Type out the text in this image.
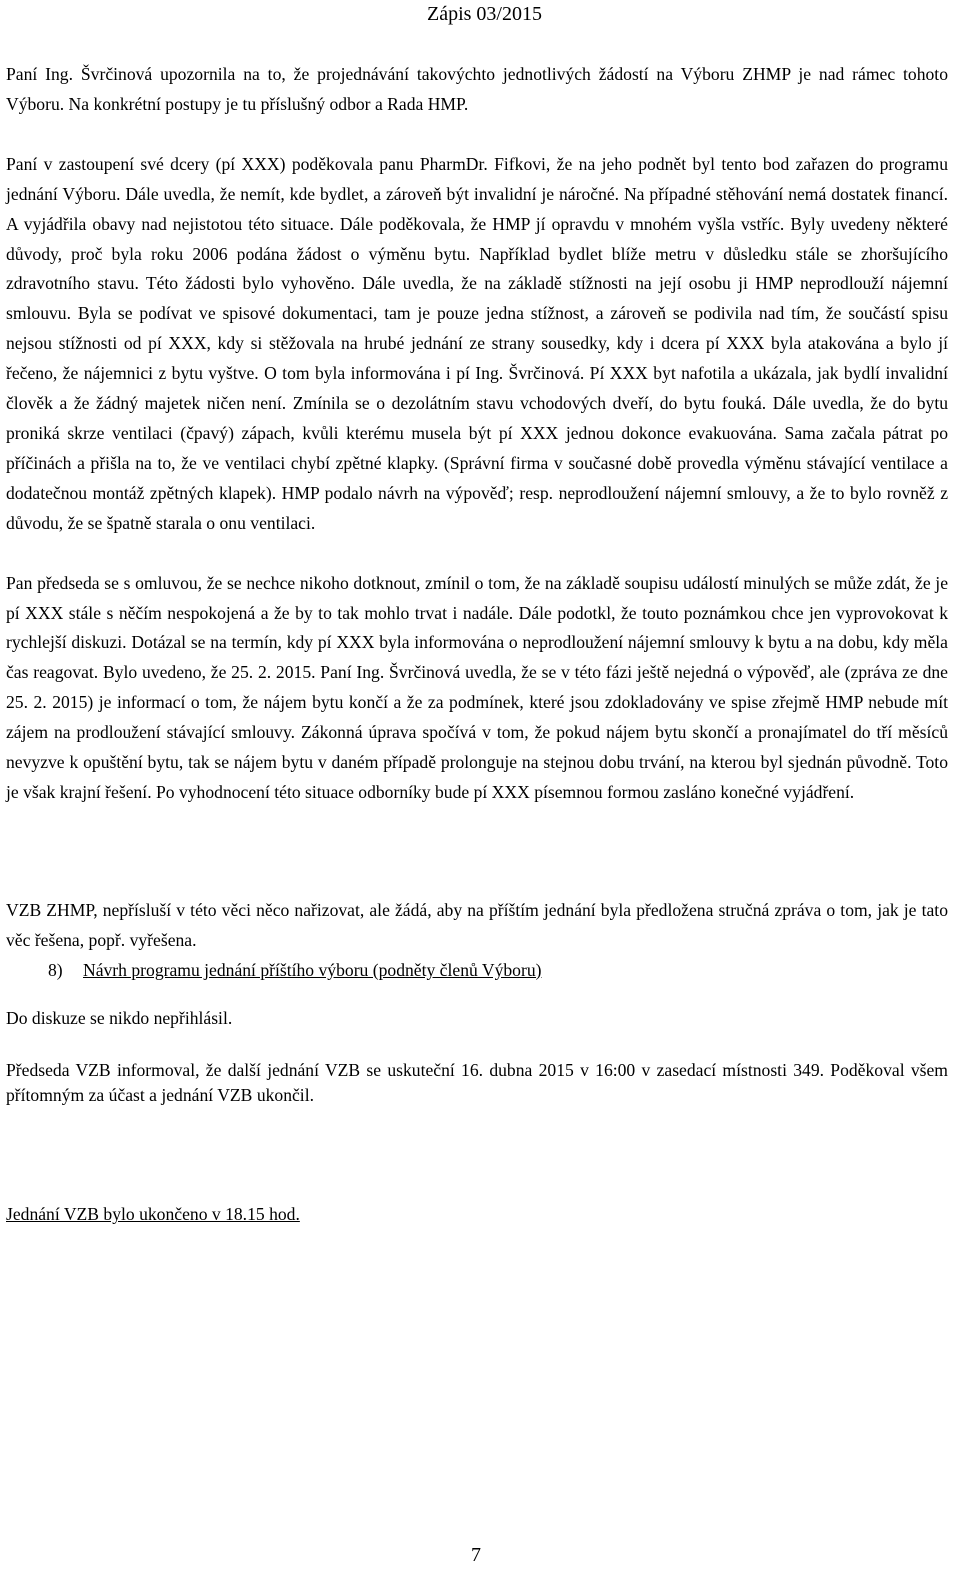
Zápis 03/2015

Paní Ing. Švrčinová upozornila na to, že projednávání takovýchto jednotlivých žádostí na Výboru ZHMP je nad rámec tohoto Výboru. Na konkrétní postupy je tu příslušný odbor a Rada HMP.

Paní v zastoupení své dcery (pí XXX) poděkovala panu PharmDr. Fifkovi, že na jeho podnět byl tento bod zařazen do programu jednání Výboru. Dále uvedla, že nemít, kde bydlet, a zároveň být invalidní je náročné. Na případné stěhování nemá dostatek financí. A vyjádřila obavy nad nejistotou této situace. Dále poděkovala, že HMP jí opravdu v mnohém vyšla vstříc. Byly uvedeny některé důvody, proč byla roku 2006 podána žádost o výměnu bytu. Například bydlet blíže metru v důsledku stále se zhoršujícího zdravotního stavu. Této žádosti bylo vyhověno. Dále uvedla, že na základě stížnosti na její osobu ji HMP neprodlouží nájemní smlouvu. Byla se podívat ve spisové dokumentaci, tam je pouze jedna stížnost, a zároveň se podivila nad tím, že součástí spisu nejsou stížnosti od pí XXX, kdy si stěžovala na hrubé jednání ze strany sousedky, kdy i dcera pí XXX byla atakována a bylo jí řečeno, že nájemnici z bytu vyštve. O tom byla informována i pí Ing. Švrčinová. Pí XXX byt nafotila a ukázala, jak bydlí invalidní člověk a že žádný majetek ničen není. Zmínila se o dezolátním stavu vchodových dveří, do bytu fouká. Dále uvedla, že do bytu proniká skrze ventilaci (čpavý) zápach, kvůli kterému musela být pí XXX jednou dokonce evakuována. Sama začala pátrat po příčinách a přišla na to, že ve ventilaci chybí zpětné klapky. (Správní firma v současné době provedla výměnu stávající ventilace a dodatečnou montáž zpětných klapek). HMP podalo návrh na výpověď; resp. neprodloužení nájemní smlouvy, a že to bylo rovněž z důvodu, že se špatně starala o onu ventilaci.

Pan předseda se s omluvou, že se nechce nikoho dotknout, zmínil o tom, že na základě soupisu událostí minulých se může zdát, že je pí XXX stále s něčím nespokojená a že by to tak mohlo trvat i nadále. Dále podotkl, že touto poznámkou chce jen vyprovokovat k rychlejší diskuzi. Dotázal se na termín, kdy pí XXX byla informována o neprodloužení nájemní smlouvy k bytu a na dobu, kdy měla čas reagovat. Bylo uvedeno, že 25. 2. 2015. Paní Ing. Švrčinová uvedla, že se v této fázi ještě nejedná o výpověď, ale (zpráva ze dne 25. 2. 2015) je informací o tom, že nájem bytu končí a že za podmínek, které jsou zdokladovány ve spise zřejmě HMP nebude mít zájem na prodloužení stávající smlouvy. Zákonná úprava spočívá v tom, že pokud nájem bytu skončí a pronajímatel do tří měsíců nevyzve k opuštění bytu, tak se nájem bytu v daném případě prolonguje na stejnou dobu trvání, na kterou byl sjednán původně. Toto je však krajní řešení. Po vyhodnocení této situace odborníky bude pí XXX písemnou formou zasláno konečné vyjádření.

VZB ZHMP, nepřísluší v této věci něco nařizovat, ale žádá, aby na příštím jednání byla předložena stručná zpráva o tom, jak je tato věc řešena, popř. vyřešena.

8) Návrh programu jednání příštího výboru (podněty členů Výboru)

Do diskuze se nikdo nepřihlásil.

Předseda VZB informoval, že další jednání VZB se uskuteční 16. dubna 2015 v 16:00 v zasedací místnosti 349. Poděkoval všem přítomným za účast a jednání VZB ukončil.

Jednání VZB bylo ukončeno v 18.15 hod.

7
